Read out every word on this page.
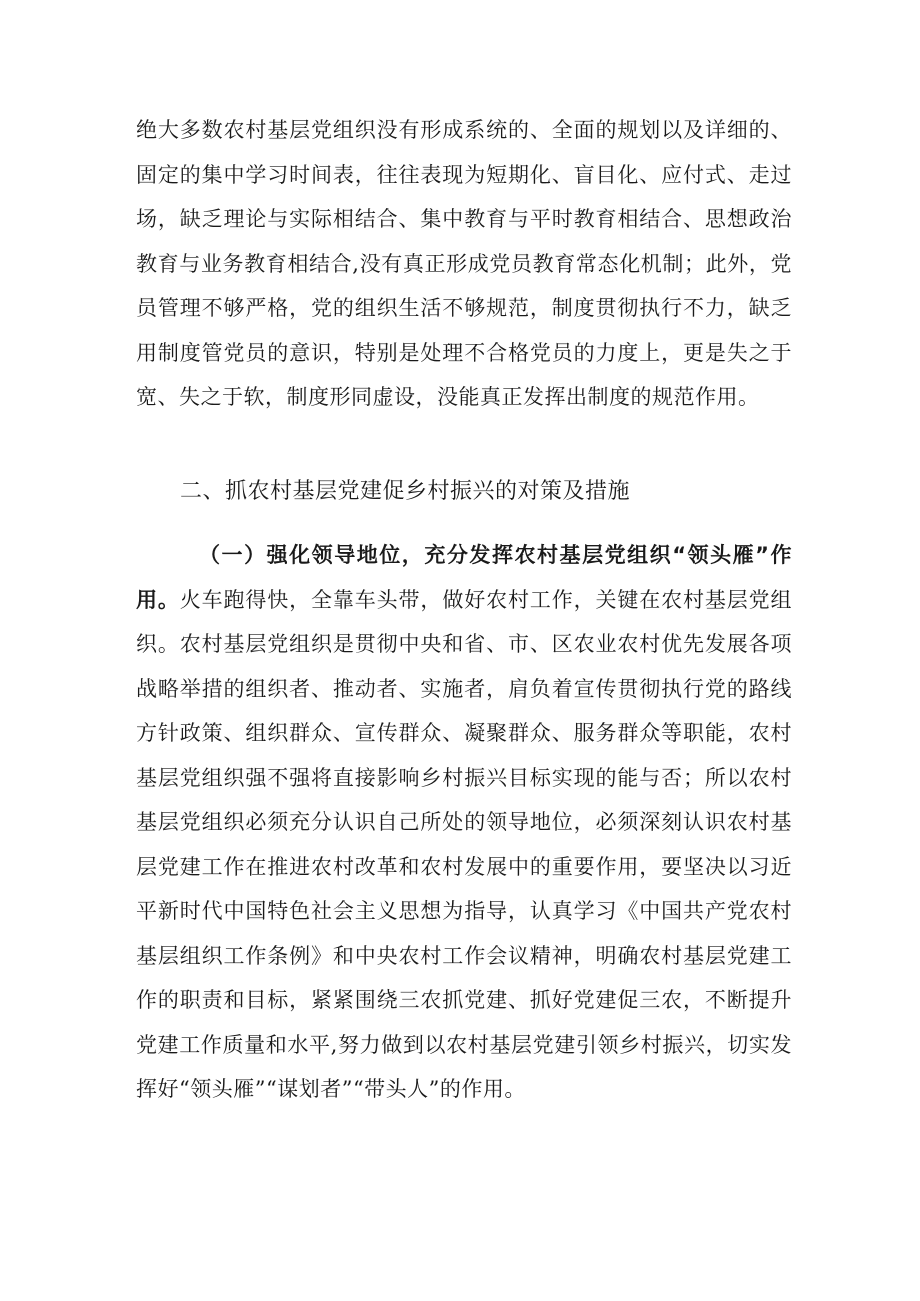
绝大多数农村基层党组织没有形成系统的、全面的规划以及详细的、固定的集中学习时间表，往往表现为短期化、盲目化、应付式、走过场，缺乏理论与实际相结合、集中教育与平时教育相结合、思想政治教育与业务教育相结合,没有真正形成党员教育常态化机制；此外，党员管理不够严格，党的组织生活不够规范，制度贯彻执行不力，缺乏用制度管党员的意识，特别是处理不合格党员的力度上，更是失之于宽、失之于软，制度形同虚设，没能真正发挥出制度的规范作用。

二、抓农村基层党建促乡村振兴的对策及措施

（一）强化领导地位，充分发挥农村基层党组织“领头雁”作用。火车跑得快，全靠车头带，做好农村工作，关键在农村基层党组织。农村基层党组织是贯彻中央和省、市、区农业农村优先发展各项战略举措的组织者、推动者、实施者，肩负着宣传贯彻执行党的路线方针政策、组织群众、宣传群众、凝聚群众、服务群众等职能，农村基层党组织强不强将直接影响乡村振兴目标实现的能与否；所以农村基层党组织必须充分认识自己所处的领导地位，必须深刻认识农村基层党建工作在推进农村改革和农村发展中的重要作用，要坚决以习近平新时代中国特色社会主义思想为指导，认真学习《中国共产党农村基层组织工作条例》和中央农村工作会议精神，明确农村基层党建工作的职责和目标，紧紧围绕三农抓党建、抓好党建促三农，不断提升党建工作质量和水平,努力做到以农村基层党建引领乡村振兴，切实发挥好“领头雁”“谋划者”“带头人”的作用。
